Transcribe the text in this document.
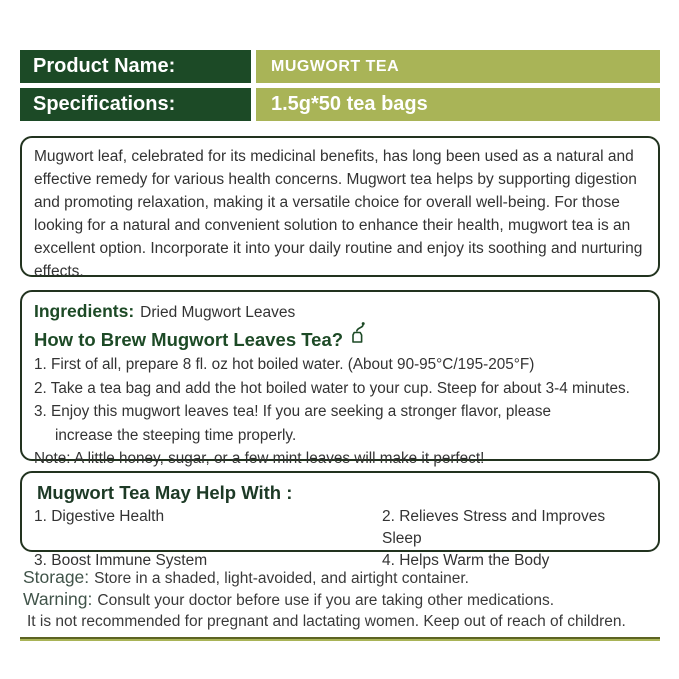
Product Name:	MUGWORT TEA
Specifications:	1.5g*50 tea bags
Mugwort leaf, celebrated for its medicinal benefits, has long been used as a natural and effective remedy for various health concerns. Mugwort tea helps by supporting digestion and promoting relaxation, making it a versatile choice for overall well-being. For those looking for a natural and convenient solution to enhance their health, mugwort tea is an excellent option. Incorporate it into your daily routine and enjoy its soothing and nurturing effects.
Ingredients: Dried Mugwort Leaves
How to Brew Mugwort Leaves Tea?
1. First of all, prepare 8 fl. oz hot boiled water. (About 90-95°C/195-205°F)
2. Take a tea bag and add the hot boiled water to your cup. Steep for about 3-4 minutes.
3. Enjoy this mugwort leaves tea! If you are seeking a stronger flavor, please
increase the steeping time properly.
Note: A little honey, sugar, or a few mint leaves will make it perfect!
Mugwort Tea May Help With :
1. Digestive Health	2. Relieves Stress and Improves Sleep
3. Boost Immune System	4. Helps Warm the Body
Storage: Store in a shaded, light-avoided, and airtight container.
Warning: Consult your doctor before use if you are taking other medications.
It is not recommended for pregnant and lactating women. Keep out of reach of children.
